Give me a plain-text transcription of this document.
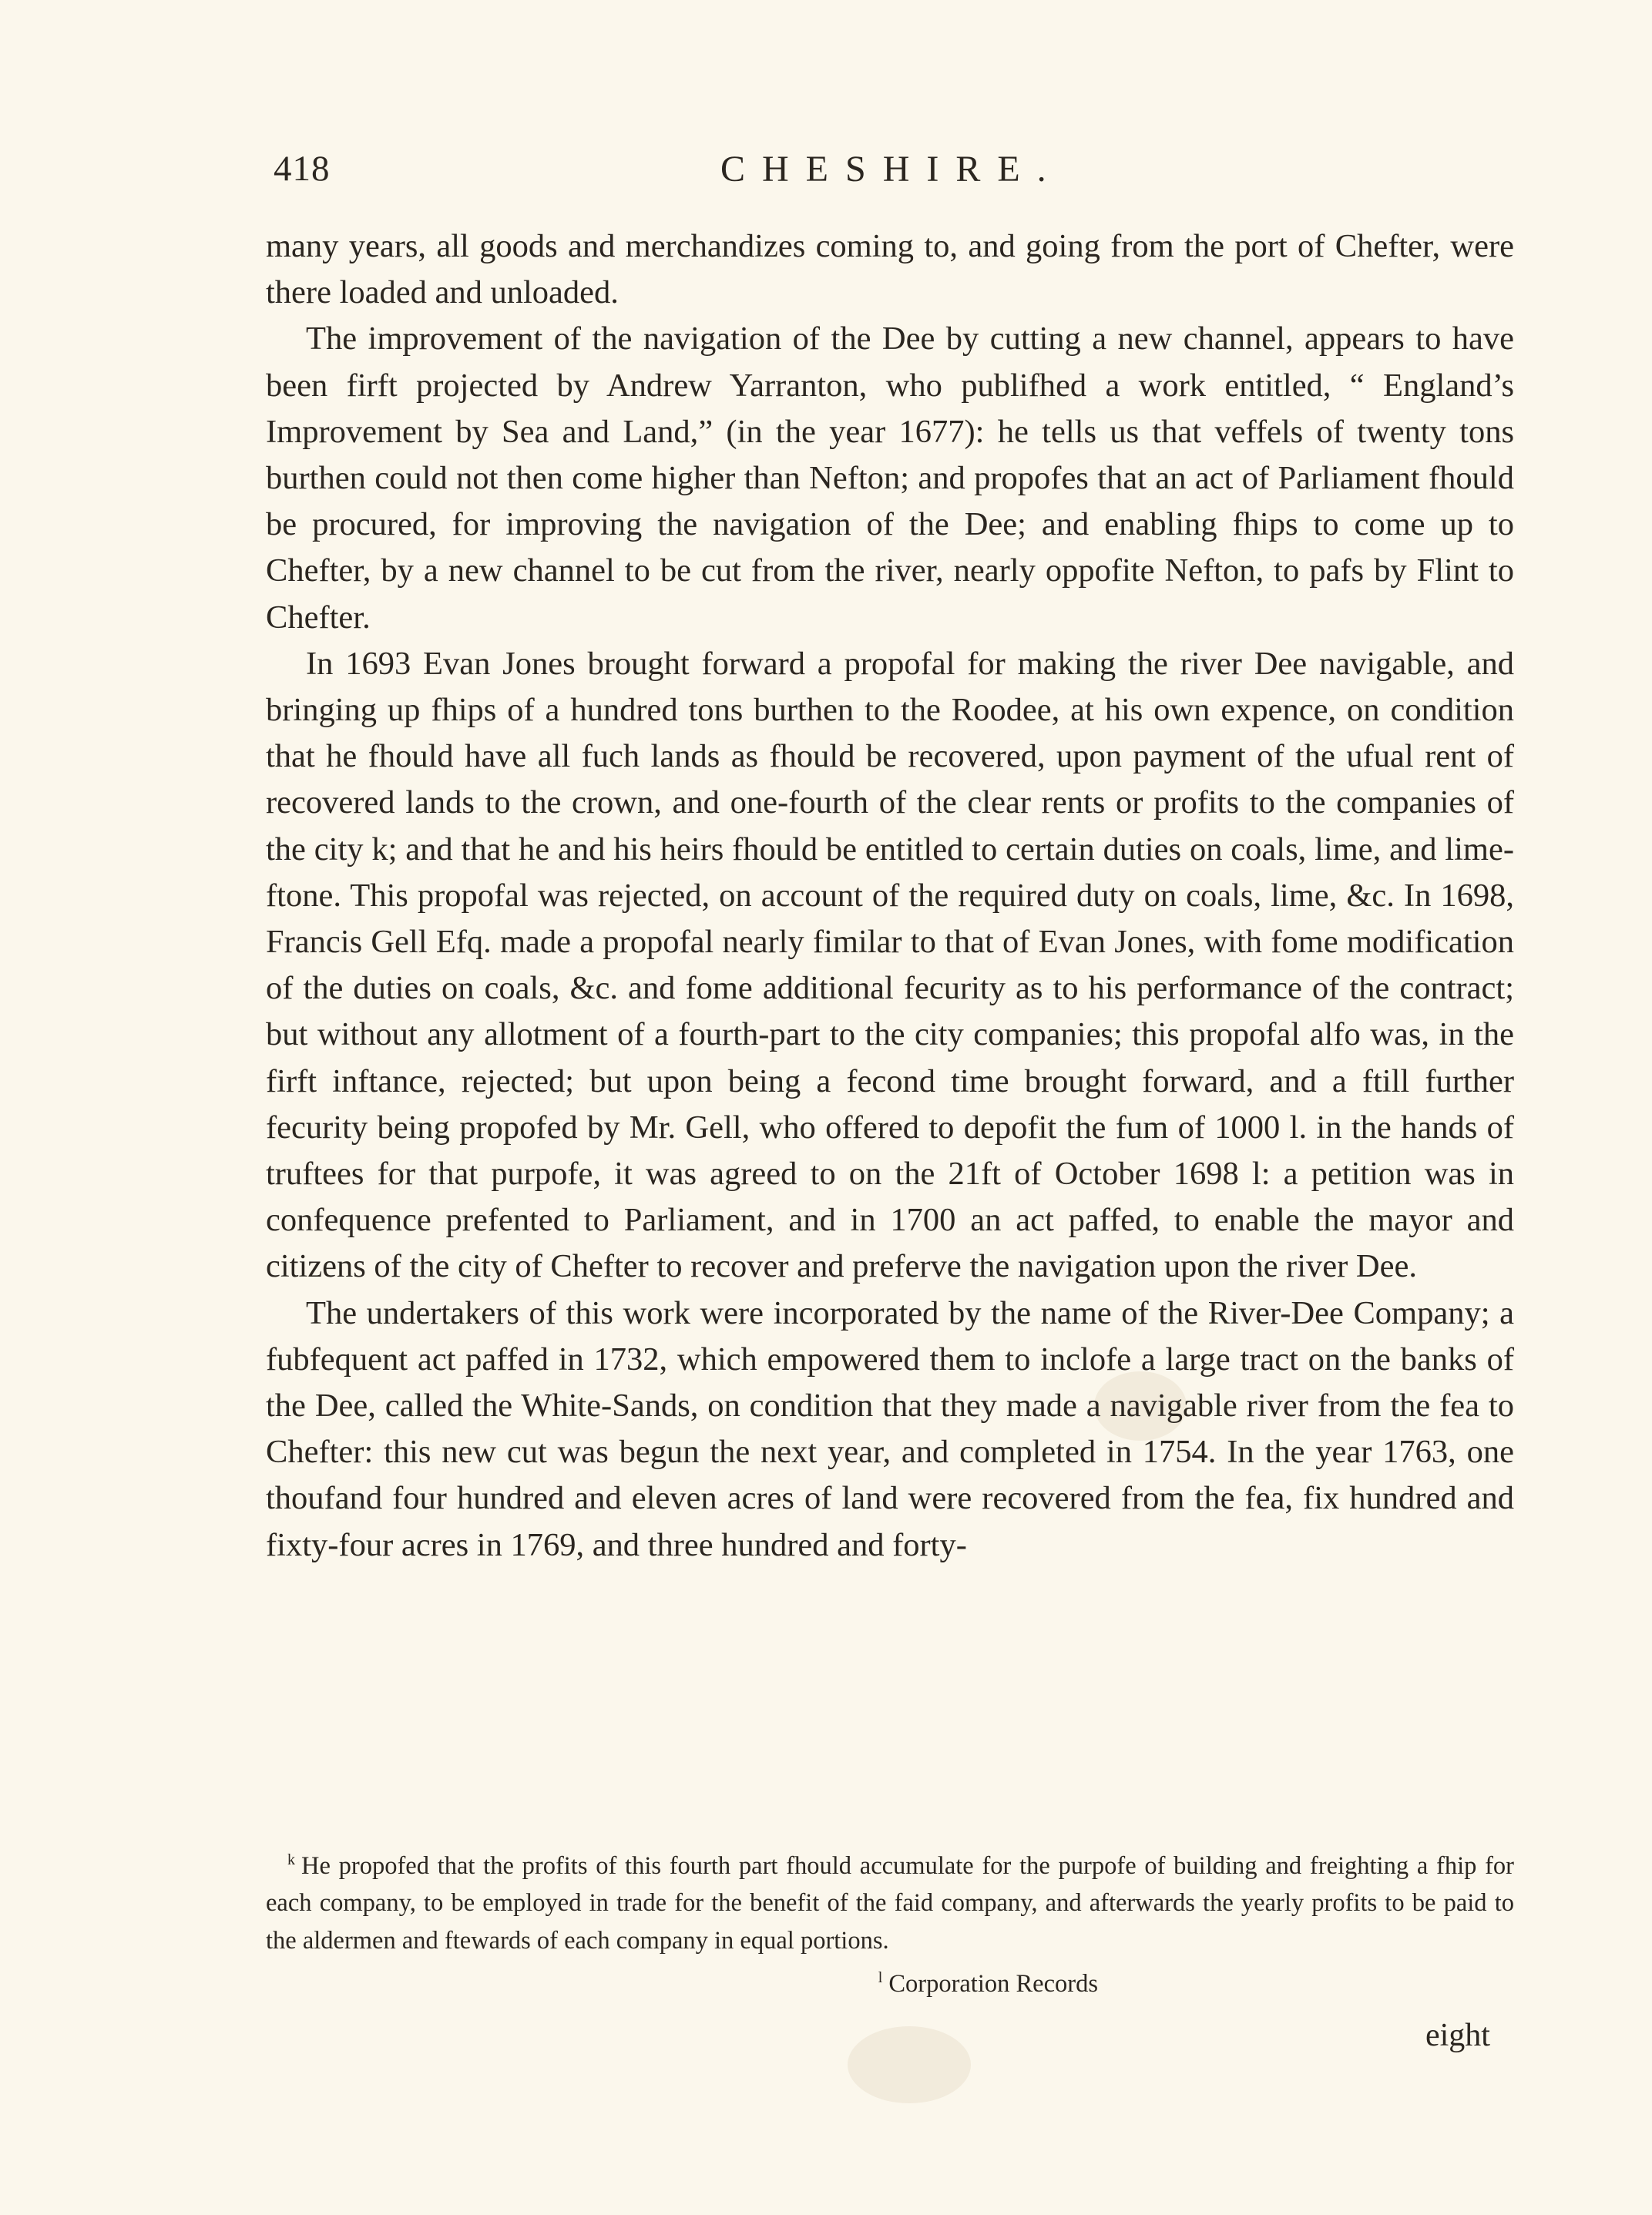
418	CHESHIRE.

many years, all goods and merchandizes coming to, and going from the port of Chefter, were there loaded and unloaded.

The improvement of the navigation of the Dee by cutting a new channel, appears to have been firft projected by Andrew Yarranton, who publifhed a work entitled, “ England’s Improvement by Sea and Land,” (in the year 1677): he tells us that veffels of twenty tons burthen could not then come higher than Nefton; and propofes that an act of Parliament fhould be procured, for improving the navigation of the Dee; and enabling fhips to come up to Chefter, by a new channel to be cut from the river, nearly oppofite Nefton, to pafs by Flint to Chefter.

In 1693 Evan Jones brought forward a propofal for making the river Dee navigable, and bringing up fhips of a hundred tons burthen to the Roodee, at his own expence, on condition that he fhould have all fuch lands as fhould be recovered, upon payment of the ufual rent of recovered lands to the crown, and one-fourth of the clear rents or profits to the companies of the city k; and that he and his heirs fhould be entitled to certain duties on coals, lime, and lime-ftone. This propofal was rejected, on account of the required duty on coals, lime, &c. In 1698, Francis Gell Efq. made a propofal nearly fimilar to that of Evan Jones, with fome modification of the duties on coals, &c. and fome additional fecurity as to his performance of the contract; but without any allotment of a fourth-part to the city companies; this propofal alfo was, in the firft inftance, rejected; but upon being a fecond time brought forward, and a ftill further fecurity being propofed by Mr. Gell, who offered to depofit the fum of 1000 l. in the hands of truftees for that purpofe, it was agreed to on the 21ft of October 1698 l: a petition was in confequence prefented to Parliament, and in 1700 an act paffed, to enable the mayor and citizens of the city of Chefter to recover and preferve the navigation upon the river Dee.

The undertakers of this work were incorporated by the name of the River-Dee Company; a fubfequent act paffed in 1732, which empowered them to inclofe a large tract on the banks of the Dee, called the White-Sands, on condition that they made a navigable river from the fea to Chefter: this new cut was begun the next year, and completed in 1754. In the year 1763, one thoufand four hundred and eleven acres of land were recovered from the fea, fix hundred and fixty-four acres in 1769, and three hundred and forty-

$^k$ He propofed that the profits of this fourth part fhould accumulate for the purpofe of building and freighting a fhip for each company, to be employed in trade for the benefit of the faid company, and afterwards the yearly profits to be paid to the aldermen and ftewards of each company in equal portions.

$^l$ Corporation Records
eight
